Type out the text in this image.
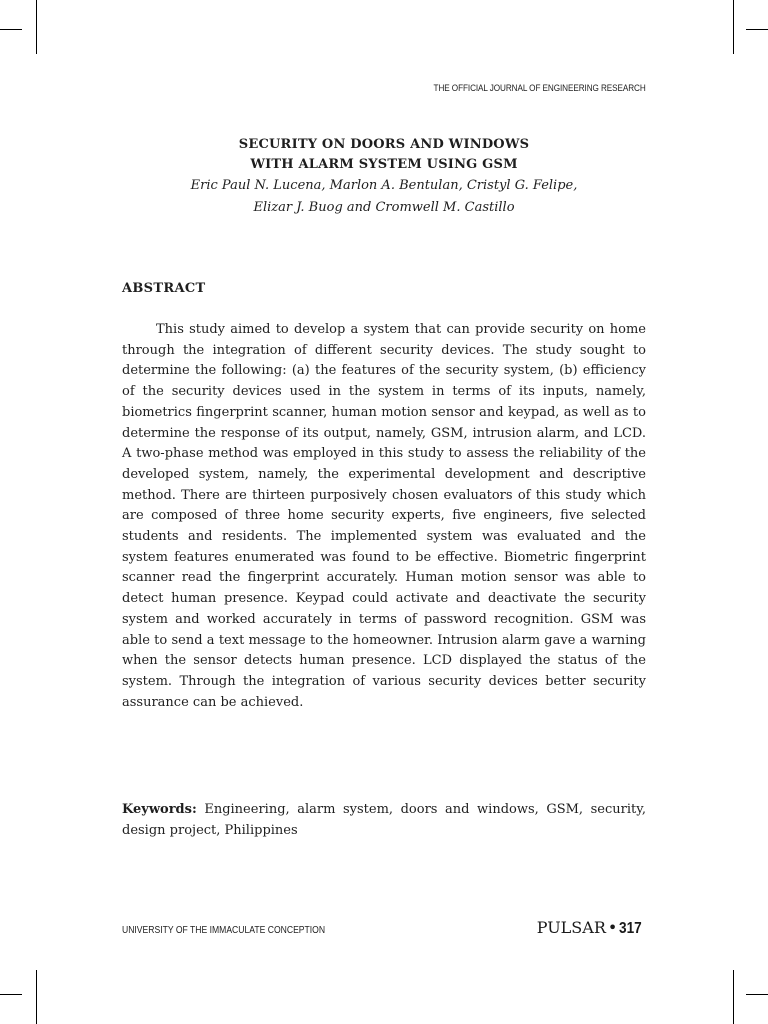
THE OFFICIAL JOURNAL OF ENGINEERING RESEARCH
SECURITY ON DOORS AND WINDOWS
WITH ALARM SYSTEM USING GSM
Eric Paul N. Lucena, Marlon A. Bentulan, Cristyl G. Felipe,
Elizar J. Buog and Cromwell M. Castillo
ABSTRACT

This study aimed to develop a system that can provide security on home through the integration of different security devices. The study sought to determine the following: (a) the features of the security system, (b) efficiency of the security devices used in the system in terms of its inputs, namely, biometrics fingerprint scanner, human motion sensor and keypad, as well as to determine the response of its output, namely, GSM, intrusion alarm, and LCD. A two-phase method was employed in this study to assess the reliability of the developed system, namely, the experimental development and descriptive method. There are thirteen purposively chosen evaluators of this study which are composed of three home security experts, five engineers, five selected students and residents. The implemented system was evaluated and the system features enumerated was found to be effective. Biometric fingerprint scanner read the fingerprint accurately. Human motion sensor was able to detect human presence. Keypad could activate and deactivate the security system and worked accurately in terms of password recognition. GSM was able to send a text message to the homeowner. Intrusion alarm gave a warning when the sensor detects human presence. LCD displayed the status of the system. Through the integration of various security devices better security assurance can be achieved.

Keywords: Engineering, alarm system, doors and windows, GSM, security, design project, Philippines

UNIVERSITY OF THE IMMACULATE CONCEPTION	PULSAR • 317
